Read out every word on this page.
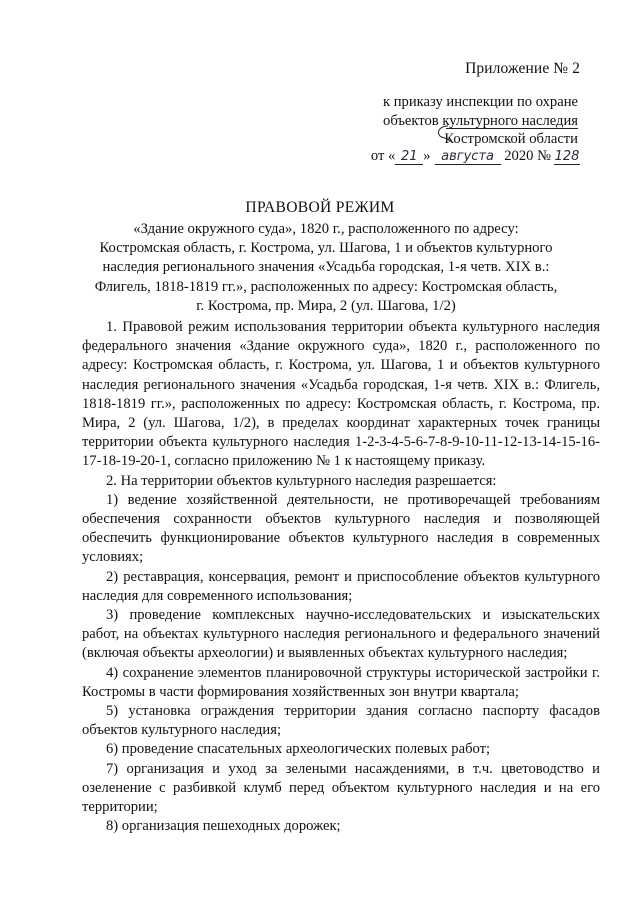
Приложение № 2
к приказу инспекции по охране
объектов культурного наследия
Костромской области
от « 21 » августа 2020 № 128
ПРАВОВОЙ РЕЖИМ
«Здание окружного суда», 1820 г., расположенного по адресу:
Костромская область, г. Кострома, ул. Шагова, 1 и объектов культурного
наследия регионального значения «Усадьба городская, 1-я четв. XIX в.:
Флигель, 1818-1819 гг.», расположенных по адресу: Костромская область,
г. Кострома, пр. Мира, 2 (ул. Шагова, 1/2)

1. Правовой режим использования территории объекта культурного наследия федерального значения «Здание окружного суда», 1820 г., расположенного по адресу: Костромская область, г. Кострома, ул. Шагова, 1 и объектов культурного наследия регионального значения «Усадьба городская, 1-я четв. XIX в.: Флигель, 1818-1819 гг.», расположенных по адресу: Костромская область, г. Кострома, пр. Мира, 2 (ул. Шагова, 1/2), в пределах координат характерных точек границы территории объекта культурного наследия 1-2-3-4-5-6-7-8-9-10-11-12-13-14-15-16-17-18-19-20-1, согласно приложению № 1 к настоящему приказу.

2. На территории объектов культурного наследия разрешается:

1) ведение хозяйственной деятельности, не противоречащей требованиям обеспечения сохранности объектов культурного наследия и позволяющей обеспечить функционирование объектов культурного наследия в современных условиях;

2) реставрация, консервация, ремонт и приспособление объектов культурного наследия для современного использования;

3) проведение комплексных научно-исследовательских и изыскательских работ, на объектах культурного наследия регионального и федерального значений (включая объекты археологии) и выявленных объектах культурного наследия;

4) сохранение элементов планировочной структуры исторической застройки г. Костромы в части формирования хозяйственных зон внутри квартала;

5) установка ограждения территории здания согласно паспорту фасадов объектов культурного наследия;

6) проведение спасательных археологических полевых работ;

7) организация и уход за зелеными насаждениями, в т.ч. цветоводство и озеленение с разбивкой клумб перед объектом культурного наследия и на его территории;

8) организация пешеходных дорожек;
